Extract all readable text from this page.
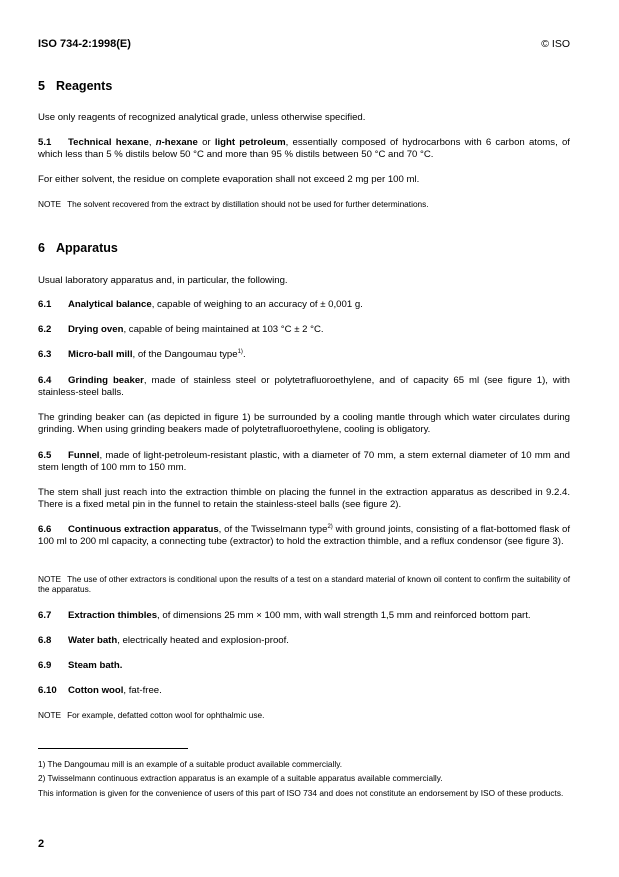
ISO 734-2:1998(E)	© ISO

5 Reagents

Use only reagents of recognized analytical grade, unless otherwise specified.

5.1 Technical hexane, n-hexane or light petroleum, essentially composed of hydrocarbons with 6 carbon atoms, of which less than 5 % distils below 50 °C and more than 95 % distils between 50 °C and 70 °C.

For either solvent, the residue on complete evaporation shall not exceed 2 mg per 100 ml.

NOTE The solvent recovered from the extract by distillation should not be used for further determinations.

6 Apparatus

Usual laboratory apparatus and, in particular, the following.

6.1 Analytical balance, capable of weighing to an accuracy of ± 0,001 g.

6.2 Drying oven, capable of being maintained at 103 °C ± 2 °C.

6.3 Micro-ball mill, of the Dangoumau type$^{1)}$.

6.4 Grinding beaker, made of stainless steel or polytetrafluoroethylene, and of capacity 65 ml (see figure 1), with stainless-steel balls.

The grinding beaker can (as depicted in figure 1) be surrounded by a cooling mantle through which water circulates during grinding. When using grinding beakers made of polytetrafluoroethylene, cooling is obligatory.

6.5 Funnel, made of light-petroleum-resistant plastic, with a diameter of 70 mm, a stem external diameter of 10 mm and stem length of 100 mm to 150 mm.

The stem shall just reach into the extraction thimble on placing the funnel in the extraction apparatus as described in 9.2.4. There is a fixed metal pin in the funnel to retain the stainless-steel balls (see figure 2).

6.6 Continuous extraction apparatus, of the Twisselmann type$^{2)}$ with ground joints, consisting of a flat-bottomed flask of 100 ml to 200 ml capacity, a connecting tube (extractor) to hold the extraction thimble, and a reflux condensor (see figure 3).

NOTE The use of other extractors is conditional upon the results of a test on a standard material of known oil content to confirm the suitability of the apparatus.

6.7 Extraction thimbles, of dimensions 25 mm × 100 mm, with wall strength 1,5 mm and reinforced bottom part.

6.8 Water bath, electrically heated and explosion-proof.

6.9 Steam bath.

6.10 Cotton wool, fat-free.

NOTE For example, defatted cotton wool for ophthalmic use.

1) The Dangoumau mill is an example of a suitable product available commercially.
2) Twisselmann continuous extraction apparatus is an example of a suitable apparatus available commercially.
This information is given for the convenience of users of this part of ISO 734 and does not constitute an endorsement by ISO of these products.
2
